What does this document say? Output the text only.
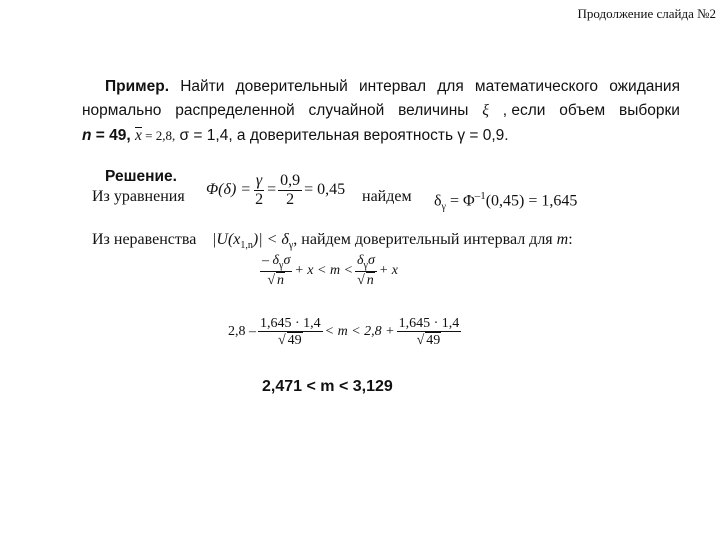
Продолжение слайда №2
Пример. Найти доверительный интервал для математического ожидания
нормально распределенной случайной величины ξ , если объем выборки
n = 49, x = 2,8, σ = 1,4, а доверительная вероятность γ = 0,9.
Решение.
Из уравнения $\Phi(\delta) = \frac{\gamma}{2} = \frac{0,9}{2} = 0,45$ найдем $\delta_\gamma = \Phi^{-1}(0,45) = 1,645$
Из неравенства $|U(x_{1,n})| < \delta_\gamma$, найдем доверительный интервал для m:
$\frac{- \delta_\gamma\sigma}{√ n} + x < m < \frac{\delta_\gamma\sigma}{√ n} + x$
$2,8 - \frac{1,645 \cdot 1,4}{√ 49} < m < 2,8 + \frac{1,645 \cdot 1,4}{√ 49}$
2,471 < m < 3,129
